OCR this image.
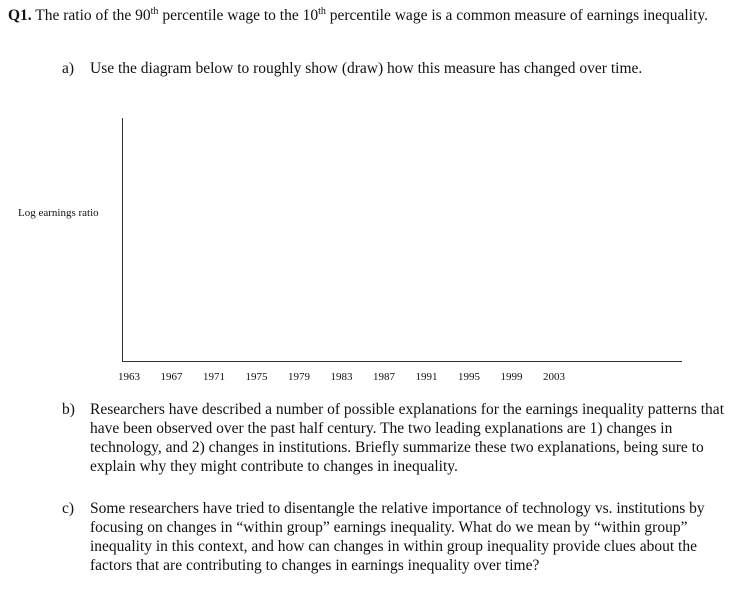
Q1. The ratio of the 90th percentile wage to the 10th percentile wage is a common measure of earnings inequality.
a) Use the diagram below to roughly show (draw) how this measure has changed over time.
Log earnings ratio
1963 1967 1971 1975 1979 1983 1987 1991 1995 1999 2003
b) Researchers have described a number of possible explanations for the earnings inequality patterns that have been observed over the past half century. The two leading explanations are 1) changes in technology, and 2) changes in institutions. Briefly summarize these two explanations, being sure to explain why they might contribute to changes in inequality.
c) Some researchers have tried to disentangle the relative importance of technology vs. institutions by focusing on changes in “within group” earnings inequality. What do we mean by “within group” inequality in this context, and how can changes in within group inequality provide clues about the factors that are contributing to changes in earnings inequality over time?
